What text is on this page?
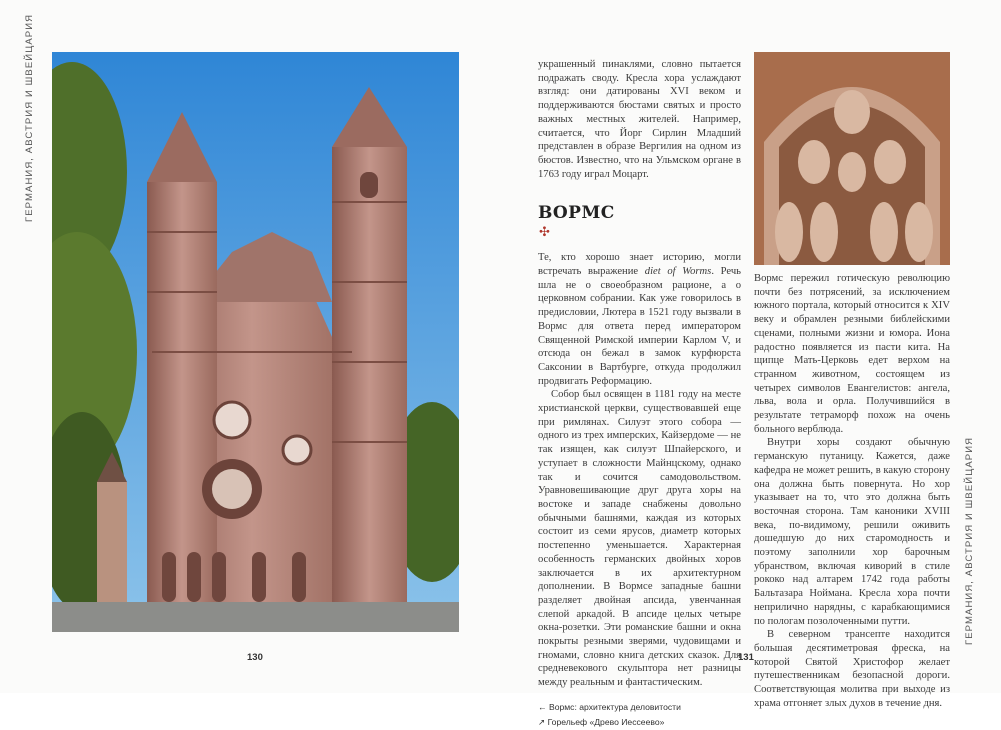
ГЕРМАНИЯ, АВСТРИЯ И ШВЕЙЦАРИЯ
130

украшенный пинаклями, словно пытается подражать своду. Кресла хора услаждают взгляд: они датированы XVI веком и поддерживаются бюстами святых и просто важных местных жителей. Например, считается, что Йорг Сирлин Младший представлен в образе Вергилия на одном из бюстов. Известно, что на Ульмском органе в 1763 году играл Моцарт.

ВОРМС
✣

Те, кто хорошо знает историю, могли встречать выражение diet of Worms. Речь шла не о своеобразном рационе, а о церковном собрании. Как уже говорилось в предисловии, Лютера в 1521 году вызвали в Вормс для ответа перед императором Священной Римской империи Карлом V, и отсюда он бежал в замок курфюрста Саксонии в Вартбурге, откуда продолжил продвигать Реформацию.

Собор был освящен в 1181 году на месте христианской церкви, существовавшей еще при римлянах. Силуэт этого собора — одного из трех имперских, Кайзердоме — не так изящен, как силуэт Шпайерского, и уступает в сложности Майнцскому, однако так и сочится самодовольством. Уравновешивающие друг друга хоры на востоке и западе снабжены довольно обычными башнями, каждая из которых состоит из семи ярусов, диаметр которых постепенно уменьшается. Характерная особенность германских двойных хоров заключается в их архитектурном дополнении. В Вормсе западные башни разделяет двойная апсида, увенчанная слепой аркадой. В апсиде целых четыре окна-розетки. Эти романские башни и окна покрыты резными зверями, чудовищами и гномами, словно книга детских сказок. Для средневекового скульптора нет разницы между реальным и фантастическим.

← Вормс: архитектура деловитости
↗ Горельеф «Древо Иессеево»
131

Вормс пережил готическую революцию почти без потрясений, за исключением южного портала, который относится к XIV веку и обрамлен резными библейскими сценами, полными жизни и юмора. Иона радостно появляется из пасти кита. На щипце Мать-Церковь едет верхом на странном животном, состоящем из четырех символов Евангелистов: ангела, льва, вола и орла. Получившийся в результате тетраморф похож на очень больного верблюда.

Внутри хоры создают обычную германскую путаницу. Кажется, даже кафедра не может решить, в какую сторону она должна быть повернута. Но хор указывает на то, что это должна быть восточная сторона. Там каноники XVIII века, по-видимому, решили оживить дошедшую до них старомодность и поэтому заполнили хор барочным убранством, включая киворий в стиле рококо над алтарем 1742 года работы Бальтазара Ноймана. Кресла хора почти неприлично нарядны, с карабкающимися по пологам позолоченными путти.

В северном трансепте находится большая десятиметровая фреска, на которой Святой Христофор желает путешественникам безопасной дороги. Соответствующая молитва при выходе из храма отгоняет злых духов в течение дня.

ГЕРМАНИЯ, АВСТРИЯ И ШВЕЙЦАРИЯ
